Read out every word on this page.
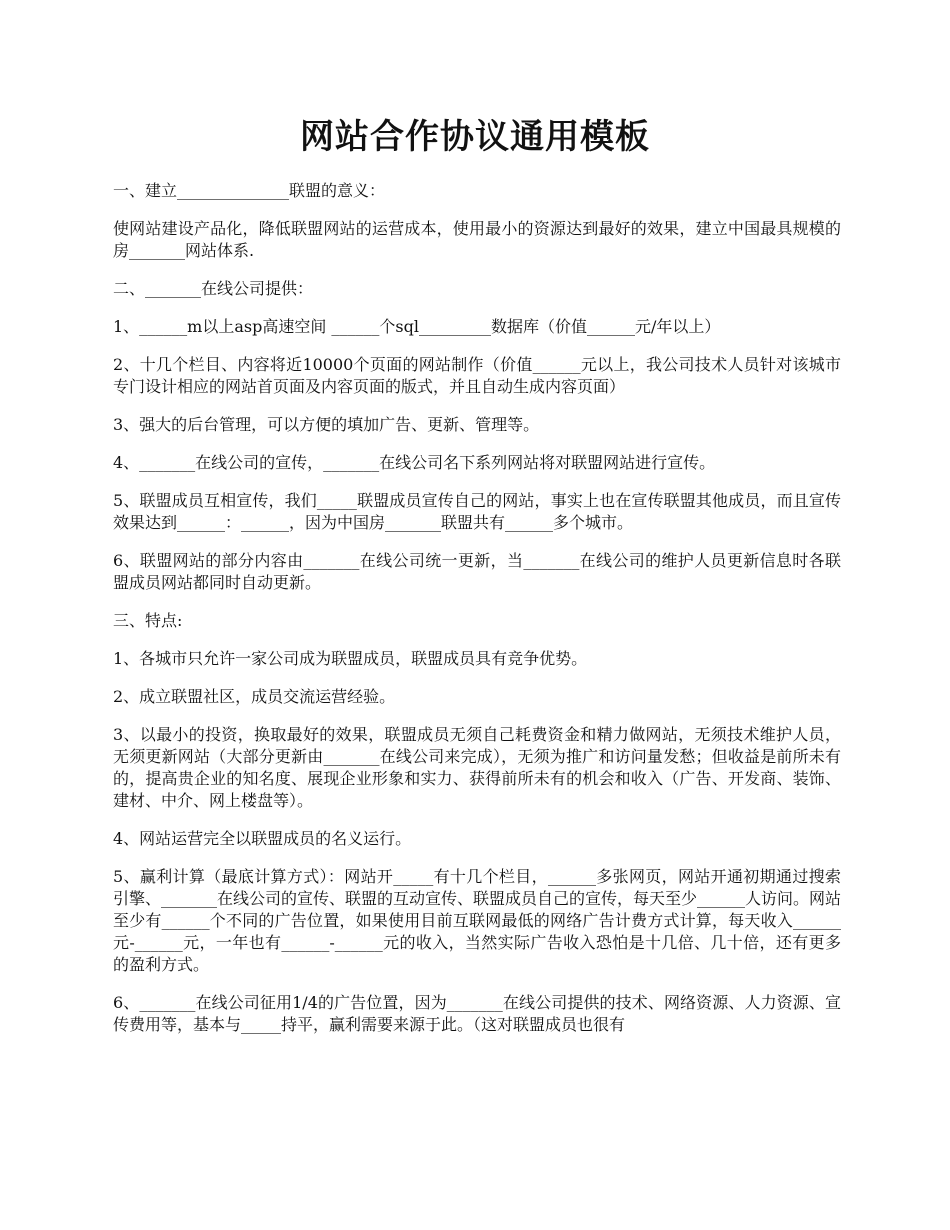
网站合作协议通用模板

一、建立______________联盟的意义：

使网站建设产品化，降低联盟网站的运营成本，使用最小的资源达到最好的效果，建立中国最具规模的房_______网站体系.

二、_______在线公司提供：

1、______m以上asp高速空间 ______个sql_________数据库（价值______元/年以上）

2、十几个栏目、内容将近10000个页面的网站制作（价值______元以上，我公司技术人员针对该城市专门设计相应的网站首页面及内容页面的版式，并且自动生成内容页面）

3、强大的后台管理，可以方便的填加广告、更新、管理等。

4、_______在线公司的宣传，_______在线公司名下系列网站将对联盟网站进行宣传。

5、联盟成员互相宣传，我们_____联盟成员宣传自己的网站，事实上也在宣传联盟其他成员，而且宣传效果达到______：______，因为中国房_______联盟共有______多个城市。

6、联盟网站的部分内容由_______在线公司统一更新，当_______在线公司的维护人员更新信息时各联盟成员网站都同时自动更新。

三、特点:

1、各城市只允许一家公司成为联盟成员，联盟成员具有竞争优势。

2、成立联盟社区，成员交流运营经验。

3、以最小的投资，换取最好的效果，联盟成员无须自己耗费资金和精力做网站，无须技术维护人员，无须更新网站（大部分更新由_______在线公司来完成），无须为推广和访问量发愁；但收益是前所未有的，提高贵企业的知名度、展现企业形象和实力、获得前所未有的机会和收入（广告、开发商、装饰、建材、中介、网上楼盘等）。

4、网站运营完全以联盟成员的名义运行。

5、赢利计算（最底计算方式）：网站开_____有十几个栏目，______多张网页，网站开通初期通过搜索引擎、_______在线公司的宣传、联盟的互动宣传、联盟成员自己的宣传，每天至少______人访问。网站至少有______个不同的广告位置，如果使用目前互联网最低的网络广告计费方式计算，每天收入______元-______元，一年也有______-______元的收入，当然实际广告收入恐怕是十几倍、几十倍，还有更多的盈利方式。

6、_______在线公司征用1/4的广告位置，因为_______在线公司提供的技术、网络资源、人力资源、宣传费用等，基本与_____持平，赢利需要来源于此。（这对联盟成员也很有
